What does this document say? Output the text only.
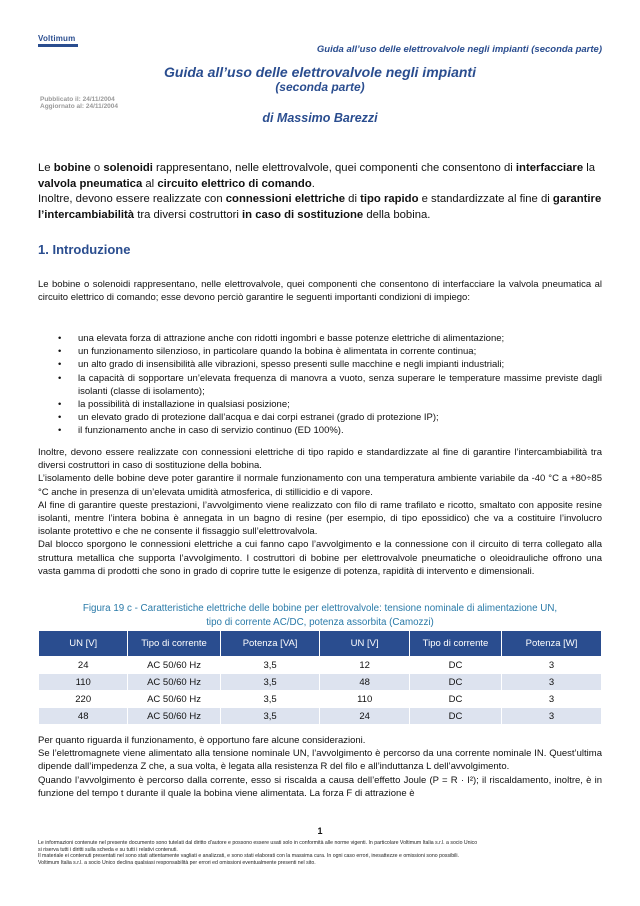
Voltimum
Guida all’uso delle elettrovalvole negli impianti (seconda parte)
Guida all’uso delle elettrovalvole negli impianti
(seconda parte)
Pubblicato il: 24/11/2004
Aggiornato al: 24/11/2004
di Massimo Barezzi
Le bobine o solenoidi rappresentano, nelle elettrovalvole, quei componenti che consentono di interfacciare la valvola pneumatica al circuito elettrico di comando.
Inoltre, devono essere realizzate con connessioni elettriche di tipo rapido e standardizzate al fine di garantire l’intercambiabilità tra diversi costruttori in caso di sostituzione della bobina.
1. Introduzione
Le bobine o solenoidi rappresentano, nelle elettrovalvole, quei componenti che consentono di interfacciare la valvola pneumatica al circuito elettrico di comando; esse devono perciò garantire le seguenti importanti condizioni di impiego:
• una elevata forza di attrazione anche con ridotti ingombri e basse potenze elettriche di alimentazione;
• un funzionamento silenzioso, in particolare quando la bobina è alimentata in corrente continua;
• un alto grado di insensibilità alle vibrazioni, spesso presenti sulle macchine e negli impianti industriali;
• la capacità di sopportare un’elevata frequenza di manovra a vuoto, senza superare le temperature massime previste dagli isolanti (classe di isolamento);
• la possibilità di installazione in qualsiasi posizione;
• un elevato grado di protezione dall’acqua e dai corpi estranei (grado di protezione IP);
• il funzionamento anche in caso di servizio continuo (ED 100%).
Inoltre, devono essere realizzate con connessioni elettriche di tipo rapido e standardizzate al fine di garantire l’intercambiabilità tra diversi costruttori in caso di sostituzione della bobina.
L’isolamento delle bobine deve poter garantire il normale funzionamento con una temperatura ambiente variabile da -40 °C a +80÷85 °C anche in presenza di un’elevata umidità atmosferica, di stillicidio e di vapore.
Al fine di garantire queste prestazioni, l’avvolgimento viene realizzato con filo di rame trafilato e ricotto, smaltato con apposite resine isolanti, mentre l’intera bobina è annegata in un bagno di resine (per esempio, di tipo epossidico) che va a costituire l’involucro isolante protettivo e che ne consente il fissaggio sull’elettrovalvola.
Dal blocco sporgono le connessioni elettriche a cui fanno capo l’avvolgimento e la connessione con il circuito di terra collegato alla struttura metallica che supporta l’avvolgimento. I costruttori di bobine per elettrovalvole pneumatiche o oleoidrauliche offrono una vasta gamma di prodotti che sono in grado di coprire tutte le esigenze di potenza, rapidità di intervento e dimensionali.
Figura 19 c - Caratteristiche elettriche delle bobine per elettrovalvole: tensione nominale di alimentazione UN,
tipo di corrente AC/DC, potenza assorbita (Camozzi)
UN [V]	Tipo di corrente	Potenza [VA]	UN [V]	Tipo di corrente	Potenza [W]
24	AC 50/60 Hz	3,5	12	DC	3
110	AC 50/60 Hz	3,5	48	DC	3
220	AC 50/60 Hz	3,5	110	DC	3
48	AC 50/60 Hz	3,5	24	DC	3
Per quanto riguarda il funzionamento, è opportuno fare alcune considerazioni.
Se l’elettromagnete viene alimentato alla tensione nominale UN, l’avvolgimento è percorso da una corrente nominale IN. Quest’ultima dipende dall’impedenza Z che, a sua volta, è legata alla resistenza R del filo e all’induttanza L dell’avvolgimento.
Quando l’avvolgimento è percorso dalla corrente, esso si riscalda a causa dell’effetto Joule (P = R · I²); il riscaldamento, inoltre, è in funzione del tempo t durante il quale la bobina viene alimentata. La forza F di attrazione è
1
Le informazioni contenute nel presente documento sono tutelati dal diritto d’autore e possono essere usati solo in conformità alle norme vigenti. In particolare Voltimum Italia s.r.l. a socio Unico
si riserva tutti i diritti sulla scheda e su tutti i relativi contenuti.
Il materiale ei contenuti presentati nel sono stati attentamente vagliati e analizzati, e sono stati elaborati con la massima cura. In ogni caso errori, inesattezze e omissioni sono possibili.
Voltimum Italia s.r.l. a socio Unico declina qualsiasi responsabilità per errori ed omissioni eventualmente presenti nel sito.
